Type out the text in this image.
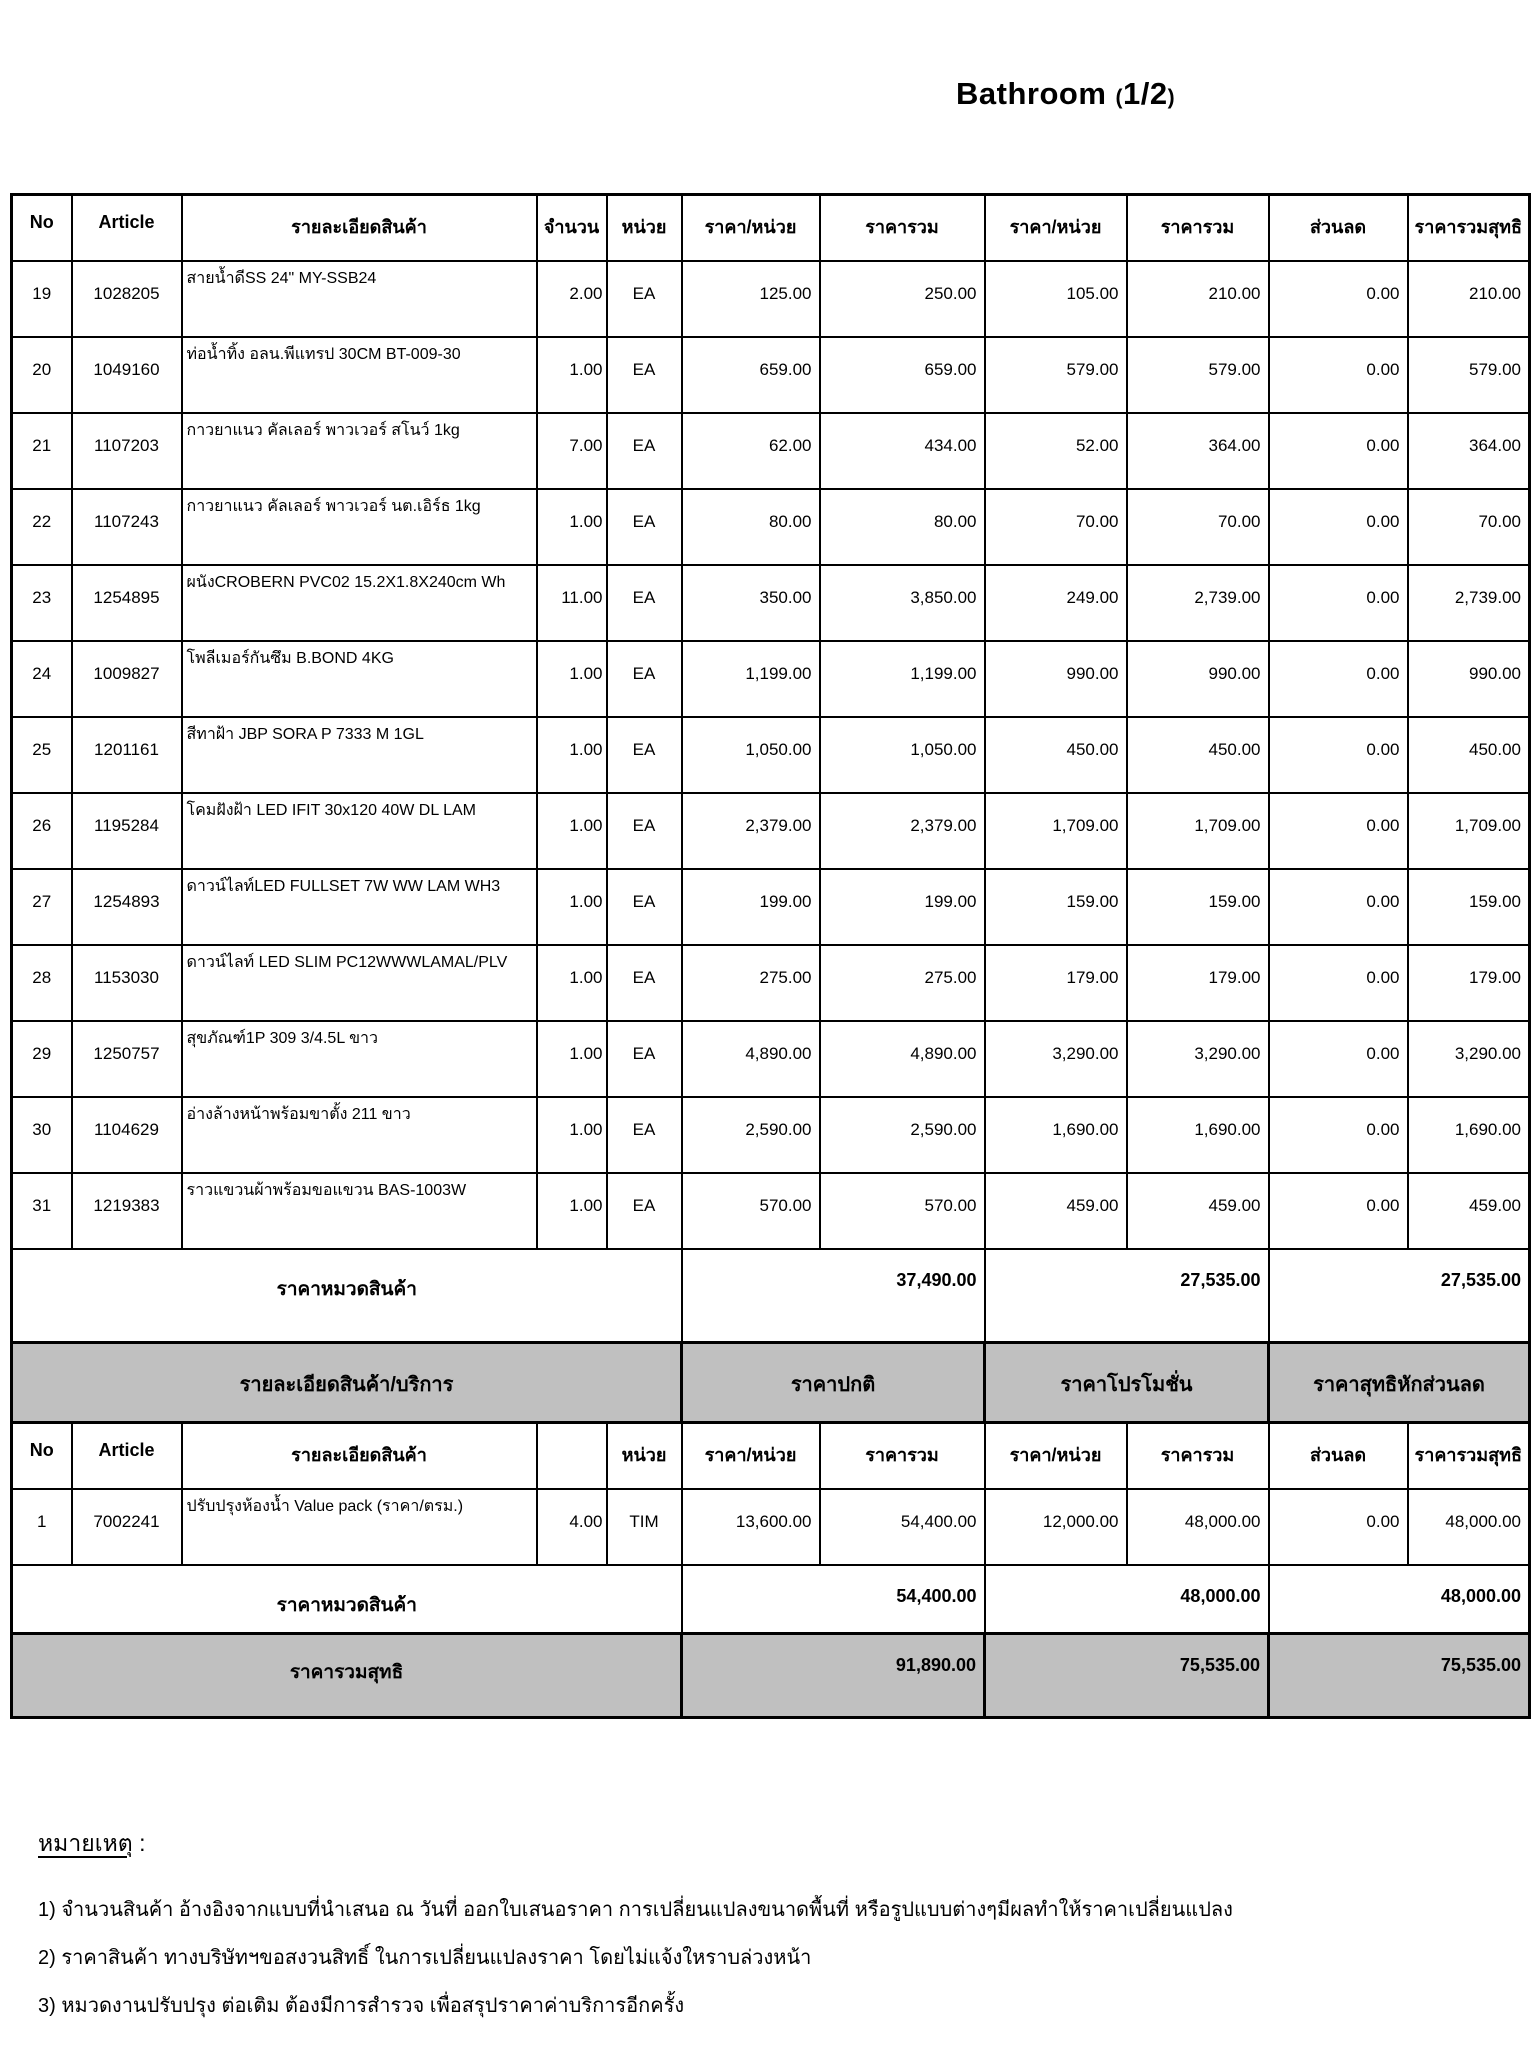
Bathroom (1/2)
No	Article	รายละเอียดสินค้า	จำนวน	หน่วย	ราคา/หน่วย	ราคารวม	ราคา/หน่วย	ราคารวม	ส่วนลด	ราคารวมสุทธิ
19	1028205	สายน้ำดีSS 24" MY-SSB24	2.00	EA	125.00	250.00	105.00	210.00	0.00	210.00
20	1049160	ท่อน้ำทิ้ง อลน.พีแทรป 30CM BT-009-30	1.00	EA	659.00	659.00	579.00	579.00	0.00	579.00
21	1107203	กาวยาแนว คัลเลอร์ พาวเวอร์ สโนว์ 1kg	7.00	EA	62.00	434.00	52.00	364.00	0.00	364.00
22	1107243	กาวยาแนว คัลเลอร์ พาวเวอร์ นต.เอิร์ธ 1kg	1.00	EA	80.00	80.00	70.00	70.00	0.00	70.00
23	1254895	ผนังCROBERN PVC02 15.2X1.8X240cm Wh	11.00	EA	350.00	3,850.00	249.00	2,739.00	0.00	2,739.00
24	1009827	โพลีเมอร์กันซึม B.BOND 4KG	1.00	EA	1,199.00	1,199.00	990.00	990.00	0.00	990.00
25	1201161	สีทาฝ้า JBP SORA P 7333 M 1GL	1.00	EA	1,050.00	1,050.00	450.00	450.00	0.00	450.00
26	1195284	โคมฝังฝ้า LED IFIT 30x120 40W DL LAM	1.00	EA	2,379.00	2,379.00	1,709.00	1,709.00	0.00	1,709.00
27	1254893	ดาวน์ไลท์LED FULLSET 7W WW LAM WH3	1.00	EA	199.00	199.00	159.00	159.00	0.00	159.00
28	1153030	ดาวน์ไลท์ LED SLIM PC12WWWLAMAL/PLV	1.00	EA	275.00	275.00	179.00	179.00	0.00	179.00
29	1250757	สุขภัณฑ์1P 309 3/4.5L ขาว	1.00	EA	4,890.00	4,890.00	3,290.00	3,290.00	0.00	3,290.00
30	1104629	อ่างล้างหน้าพร้อมขาตั้ง 211 ขาว	1.00	EA	2,590.00	2,590.00	1,690.00	1,690.00	0.00	1,690.00
31	1219383	ราวแขวนผ้าพร้อมขอแขวน BAS-1003W	1.00	EA	570.00	570.00	459.00	459.00	0.00	459.00
ราคาหมวดสินค้า					37,490.00		27,535.00		27,535.00	
รายละเอียดสินค้า/บริการ					ราคาปกติ		ราคาโปรโมชั่น		ราคาสุทธิหักส่วนลด	
No	Article	รายละเอียดสินค้า		หน่วย	ราคา/หน่วย	ราคารวม	ราคา/หน่วย	ราคารวม	ส่วนลด	ราคารวมสุทธิ
1	7002241	ปรับปรุงห้องน้ำ Value pack (ราคา/ตรม.)	4.00	TIM	13,600.00	54,400.00	12,000.00	48,000.00	0.00	48,000.00
ราคาหมวดสินค้า					54,400.00		48,000.00		48,000.00	
ราคารวมสุทธิ					91,890.00		75,535.00		75,535.00	
หมายเหตุ :
1) จำนวนสินค้า อ้างอิงจากแบบที่นำเสนอ ณ วันที่ ออกใบเสนอราคา การเปลี่ยนแปลงขนาดพื้นที่ หรือรูปแบบต่างๆมีผลทำให้ราคาเปลี่ยนแปลง
2) ราคาสินค้า ทางบริษัทฯขอสงวนสิทธิ์ ในการเปลี่ยนแปลงราคา โดยไม่แจ้งใหราบล่วงหน้า
3) หมวดงานปรับปรุง ต่อเติม ต้องมีการสำรวจ เพื่อสรุปราคาค่าบริการอีกครั้ง
